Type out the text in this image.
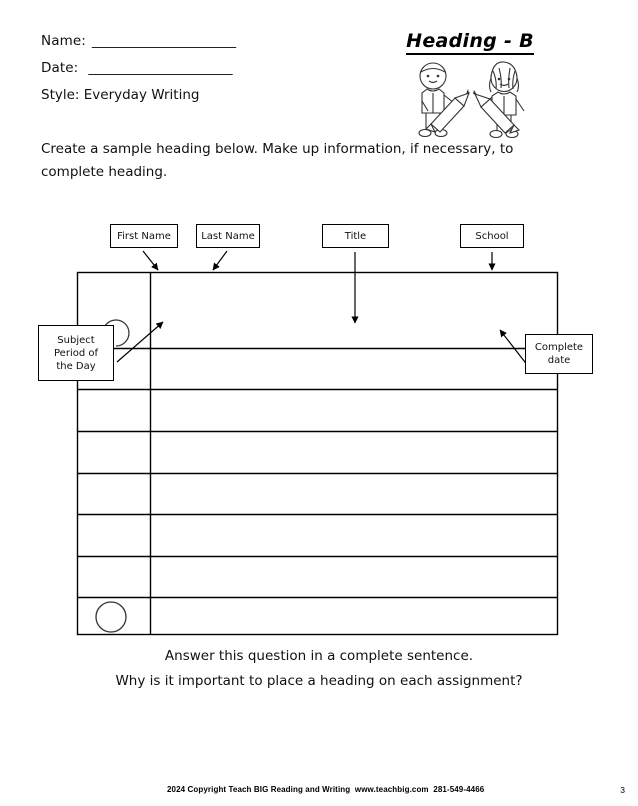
Name: _______________________
Date: _______________________
Style: Everyday Writing
Heading - B
Create a sample heading below. Make up information, if necessary, to complete heading.
First Name	Last Name	Title	School
Subject
Period of
the Day
Complete
date
Answer this question in a complete sentence.
Why is it important to place a heading on each assignment?
2024 Copyright Teach BIG Reading and Writing  www.teachbig.com  281-549-4466	3
